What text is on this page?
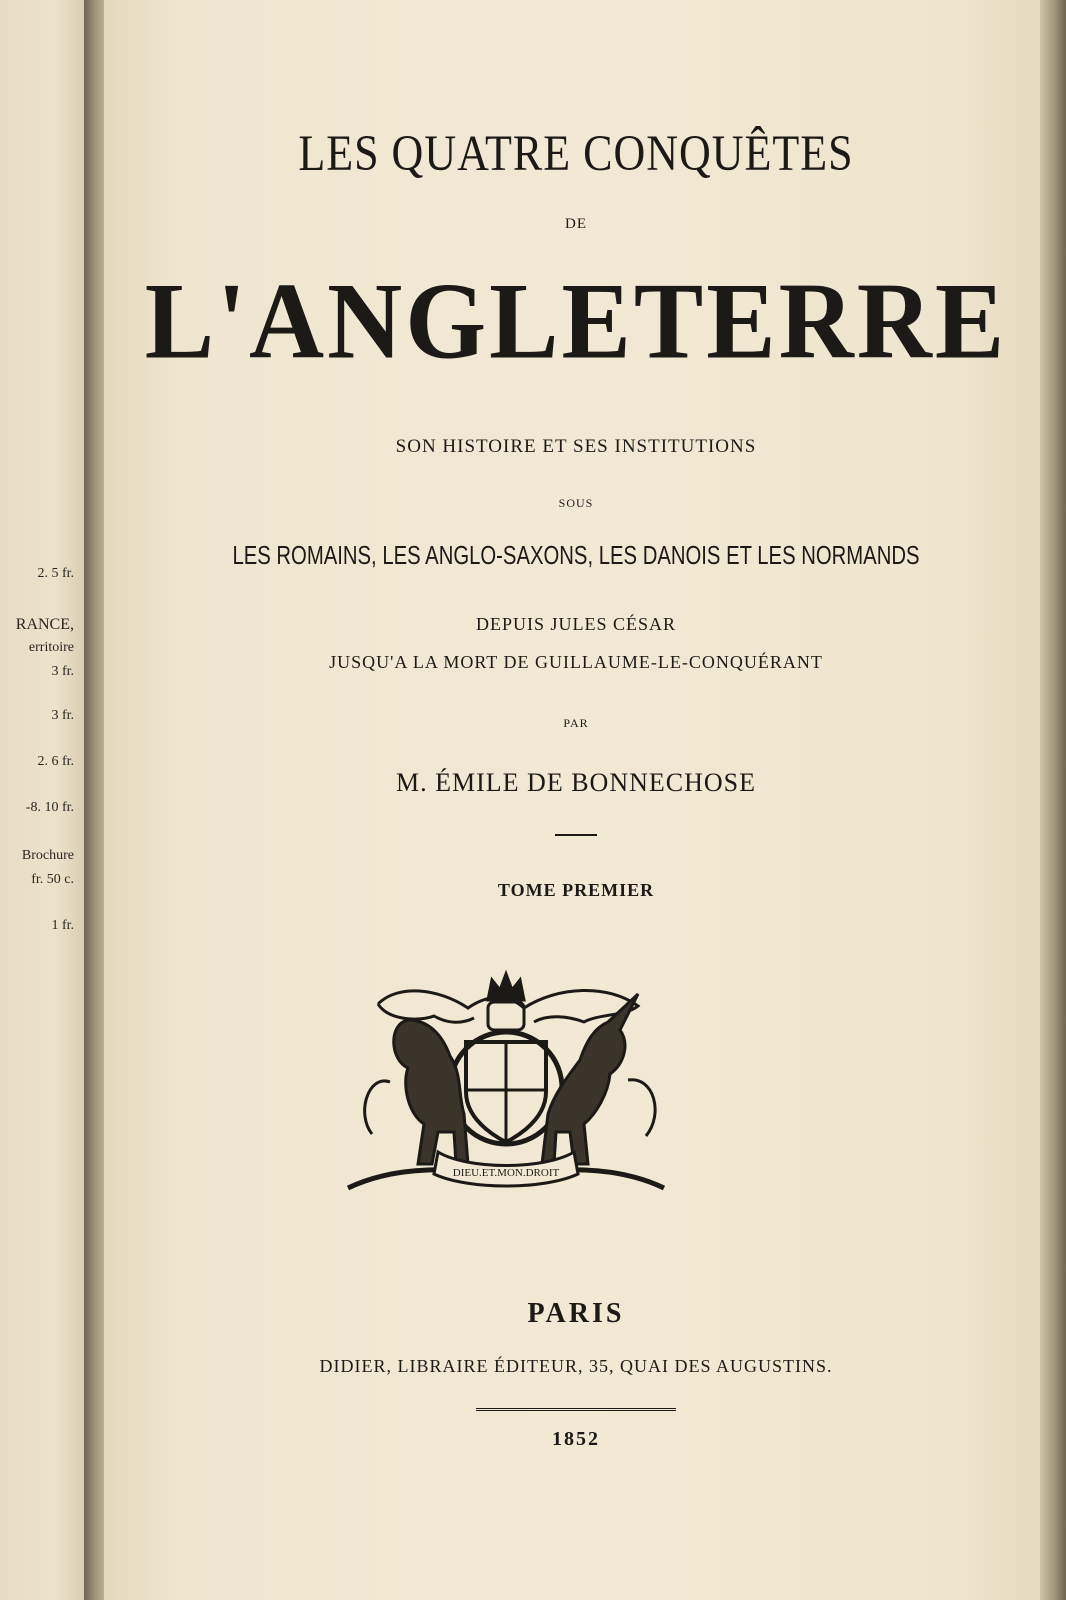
2. 5 fr.
RANCE,
erritoire
3 fr.
3 fr.
2. 6 fr.
-8. 10 fr.
Brochure
fr. 50 c.
1 fr.
LES QUATRE CONQUÊTES
DE
L'ANGLETERRE
SON HISTOIRE ET SES INSTITUTIONS
SOUS
LES ROMAINS, LES ANGLO-SAXONS, LES DANOIS ET LES NORMANDS
DEPUIS JULES CÉSAR
JUSQU'A LA MORT DE GUILLAUME-LE-CONQUÉRANT
PAR
M. ÉMILE DE BONNECHOSE
TOME PREMIER
DIEU.ET.MON.DROIT
PARIS
DIDIER, LIBRAIRE ÉDITEUR, 35, QUAI DES AUGUSTINS.
1852
